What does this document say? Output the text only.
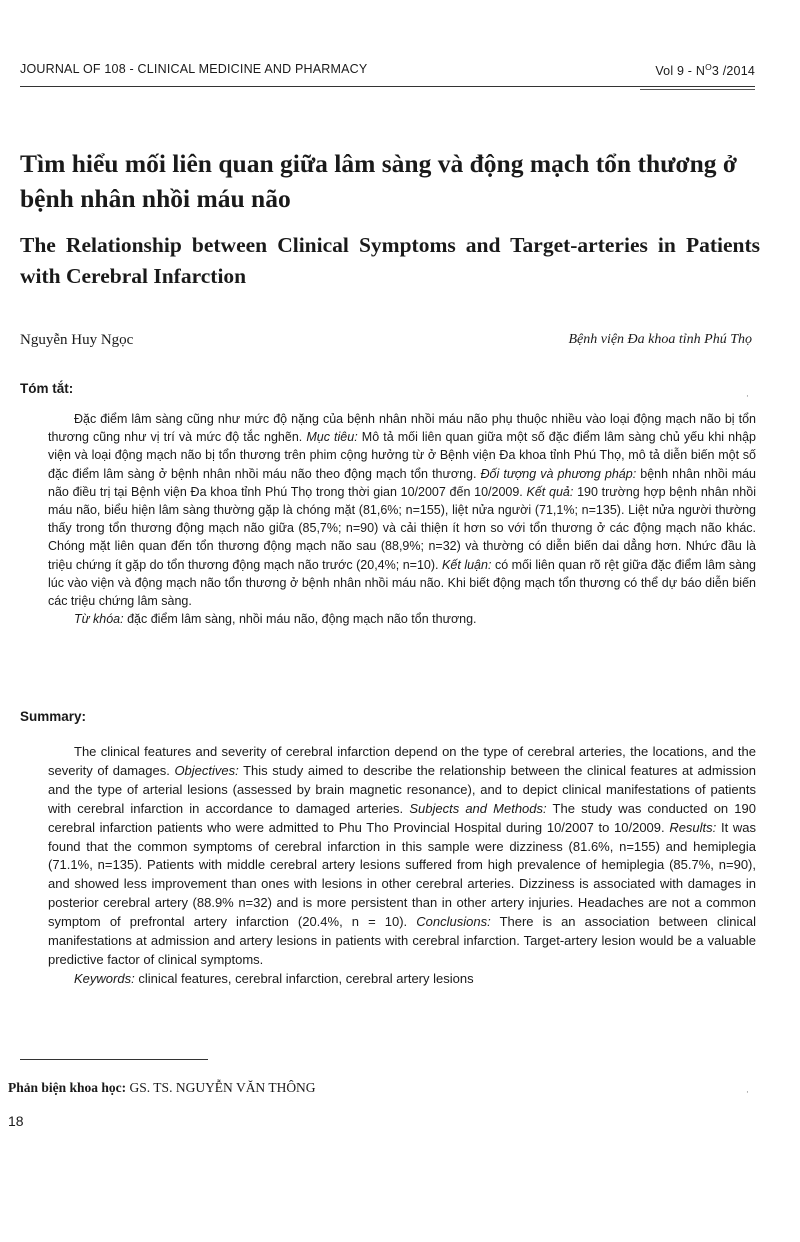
JOURNAL OF 108 - CLINICAL MEDICINE AND PHARMACY	Vol $9 - N^O3$ /2014
Tìm hiểu mối liên quan giữa lâm sàng và động mạch tổn thương ở bệnh nhân nhồi máu não
The Relationship between Clinical Symptoms and Target-arteries in Patients with Cerebral Infarction
Nguyễn Huy Ngọc	Bệnh viện Đa khoa tỉnh Phú Thọ
Tóm tắt:

Đặc điểm lâm sàng cũng như mức độ nặng của bệnh nhân nhồi máu não phụ thuộc nhiều vào loại động mạch não bị tổn thương cũng như vị trí và mức độ tắc nghẽn. Mục tiêu: Mô tả mối liên quan giữa một số đặc điểm lâm sàng chủ yếu khi nhập viện và loại động mạch não bị tổn thương trên phim cộng hưởng từ ở Bệnh viện Đa khoa tỉnh Phú Thọ, mô tả diễn biến một số đặc điểm lâm sàng ở bệnh nhân nhồi máu não theo động mạch tổn thương. Đối tượng và phương pháp: bệnh nhân nhồi máu não điều trị tại Bệnh viện Đa khoa tỉnh Phú Thọ trong thời gian 10/2007 đến 10/2009. Kết quả: 190 trường hợp bệnh nhân nhồi máu não, biểu hiện lâm sàng thường gặp là chóng mặt (81,6%; n=155), liệt nửa người (71,1%; n=135). Liệt nửa người thường thấy trong tổn thương động mạch não giữa (85,7%; n=90) và cải thiện ít hơn so với tổn thương ở các động mạch não khác. Chóng mặt liên quan đến tổn thương động mạch não sau (88,9%; n=32) và thường có diễn biến dai dẳng hơn. Nhức đầu là triệu chứng ít gặp do tổn thương động mạch não trước (20,4%; n=10). Kết luận: có mối liên quan rõ rệt giữa đặc điểm lâm sàng lúc vào viện và động mạch não tổn thương ở bệnh nhân nhồi máu não. Khi biết động mạch tổn thương có thể dự báo diễn biến các triệu chứng lâm sàng.

Từ khóa: đặc điểm lâm sàng, nhồi máu não, động mạch não tổn thương.

Summary:

The clinical features and severity of cerebral infarction depend on the type of cerebral arteries, the locations, and the severity of damages. Objectives: This study aimed to describe the relationship between the clinical features at admission and the type of arterial lesions (assessed by brain magnetic resonance), and to depict clinical manifestations of patients with cerebral infarction in accordance to damaged arteries. Subjects and Methods: The study was conducted on 190 cerebral infarction patients who were admitted to Phu Tho Provincial Hospital during 10/2007 to 10/2009. Results: It was found that the common symptoms of cerebral infarction in this sample were dizziness (81.6%, n=155) and hemiplegia (71.1%, n=135). Patients with middle cerebral artery lesions suffered from high prevalence of hemiplegia (85.7%, n=90), and showed less improvement than ones with lesions in other cerebral arteries. Dizziness is associated with damages in posterior cerebral artery (88.9% n=32) and is more persistent than in other artery injuries. Headaches are not a common symptom of prefrontal artery infarction (20.4%, n = 10). Conclusions: There is an association between clinical manifestations at admission and artery lesions in patients with cerebral infarction. Target-artery lesion would be a valuable predictive factor of clinical symptoms.

Keywords: clinical features, cerebral infarction, cerebral artery lesions

Phản biện khoa học: GS. TS. NGUYỄN VĂN THÔNG
18
·
·
